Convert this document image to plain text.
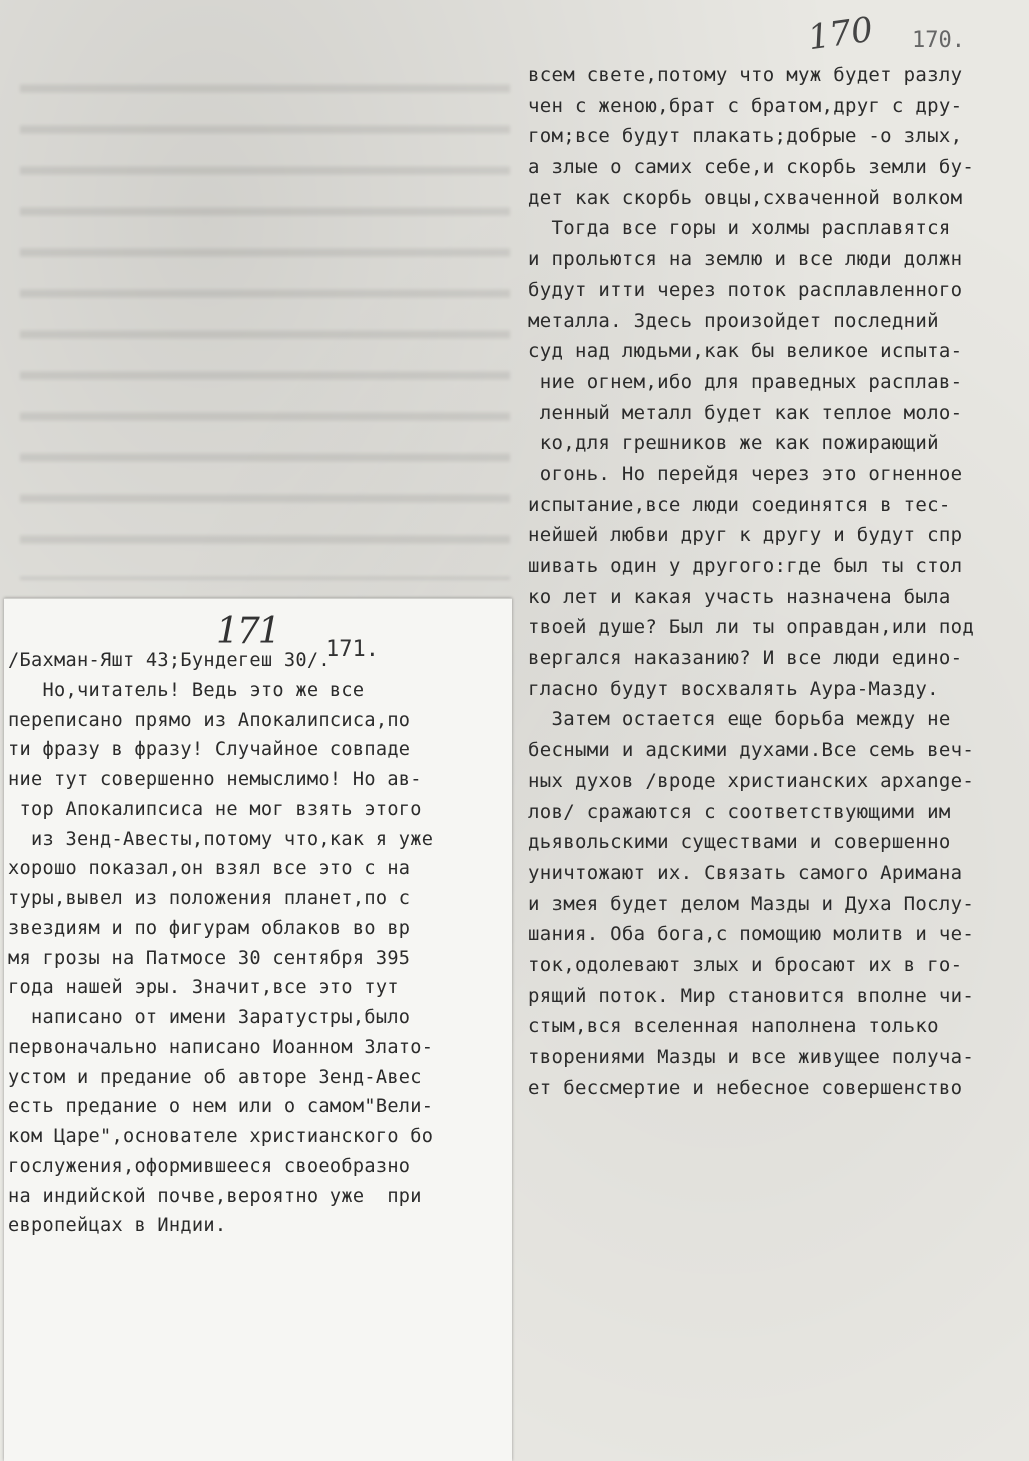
170 170.
всем свете,потому что муж будет разлу
чен с женою,брат с братом,друг с дру-
гом;все будут плакать;добрые -о злых,
а злые о самих себе,и скорбь земли бу-
дет как скорбь овцы,схваченной волком
Тогда все горы и холмы расплавятся
и прольются на землю и все люди должн
будут итти через поток расплавленного
металла. Здесь произойдет последний
суд над людьми,как бы великое испыта-
ние огнем,ибо для праведных расплав-
ленный металл будет как теплое моло-
ко,для грешников же как пожирающий
огонь. Но перейдя через это огненное
испытание,все люди соединятся в тес-
нейшей любви друг к другу и будут спр
шивать один у другого:где был ты стол
ко лет и какая участь назначена была
твоей душе? Был ли ты оправдан,или под
вергался наказанию? И все люди едино-
гласно будут восхвалять Аура-Мазду.
Затем остается еще борьба между не
бесными и адскими духами.Все семь веч-
ных духов /вроде христианских архange-
лов/ сражаются с соответствующими им
дьявольскими существами и совершенно
уничтожают их. Связать самого Аримана
и змея будет делом Мазды и Духа Послу-
шания. Оба бога,с помощию молитв и че-
ток,одолевают злых и бросают их в го-
рящий поток. Мир становится вполне чи-
стым,вся вселенная наполнена только
творениями Мазды и все живущее получа-
ет бессмертие и небесное совершенство
171 171.
/Бахман-Яшт 43;Бундегеш 30/.
Но,читатель! Ведь это же все
переписано прямо из Апокалипсиса,по
ти фразу в фразу! Случайное совпаде
ние тут совершенно немыслимо! Но ав-
тор Апокалипсиса не мог взять этого
из Зенд-Авесты,потому что,как я уже
хорошо показал,он взял все это с на
туры,вывел из положения планет,по с
звездиям и по фигурам облаков во вр
мя грозы на Патмосе 30 сентября 395
года нашей эры. Значит,все это тут
написано от имени Заратустры,было
первоначально написано Иоанном Злато-
устом и предание об авторе Зенд-Авес
есть предание о нем или о самом"Вели-
ком Царе",основателе христианского бо
гослужения,оформившееся своеобразно
на индийской почве,вероятно уже  при
европейцах в Индии.
